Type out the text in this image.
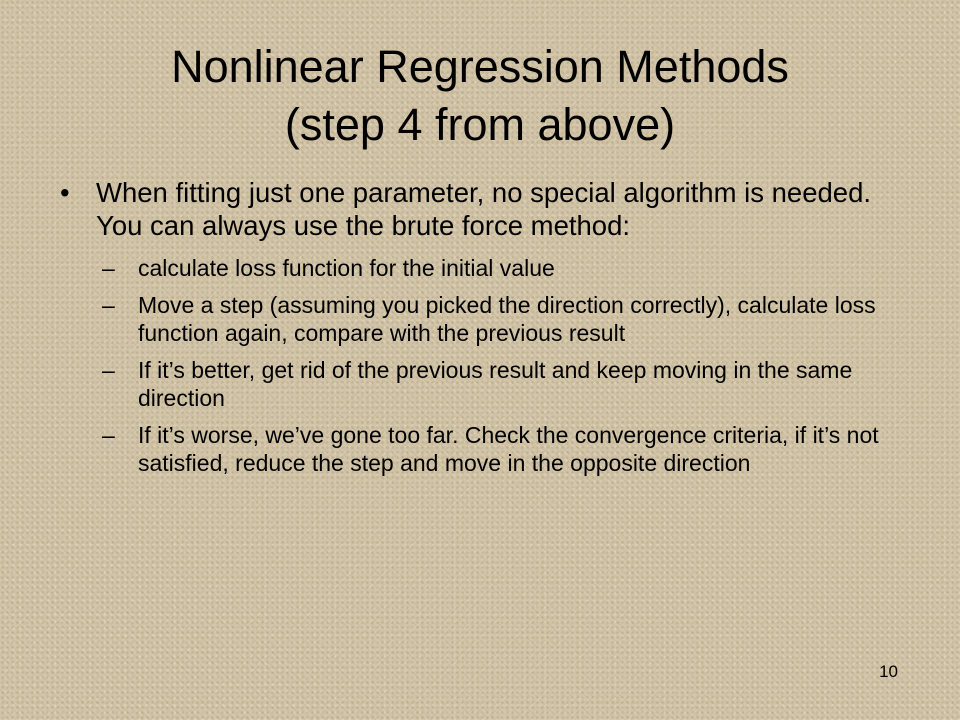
Nonlinear Regression Methods
(step 4 from above)
• When fitting just one parameter, no special algorithm is needed. You can always use the brute force method:
– calculate loss function for the initial value
– Move a step (assuming you picked the direction correctly), calculate loss function again, compare with the previous result
– If it’s better, get rid of the previous result and keep moving in the same direction
– If it’s worse, we’ve gone too far. Check the convergence criteria, if it’s not satisfied, reduce the step and move in the opposite direction
10
